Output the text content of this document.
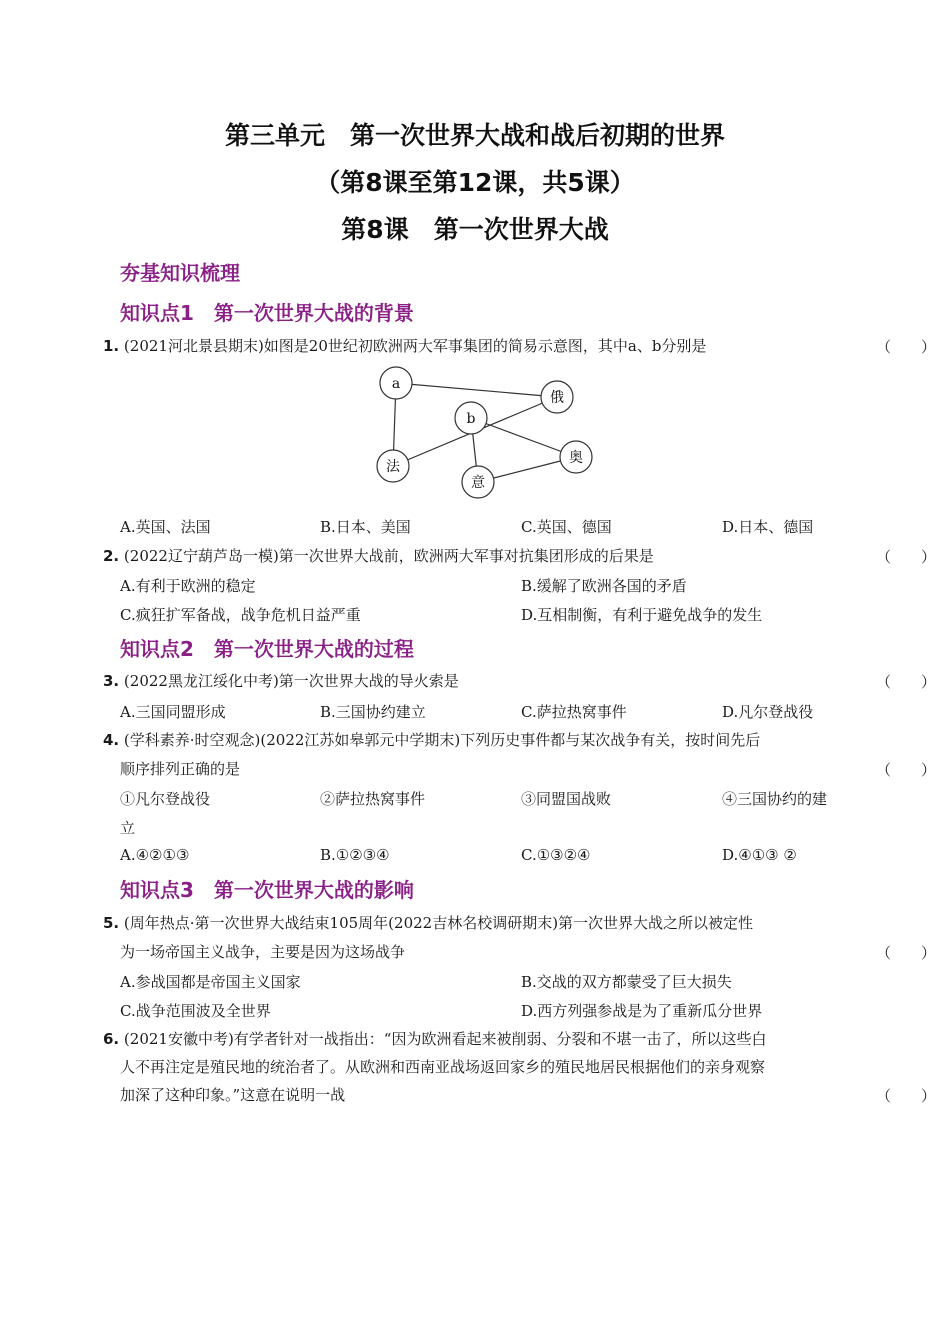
第三单元　第一次世界大战和战后初期的世界
（第8课至第12课，共5课）
第8课　第一次世界大战
夯基知识梳理
知识点1　第一次世界大战的背景
1. (2021河北景县期末)如图是20世纪初欧洲两大军事集团的简易示意图，其中a、b分别是	（　　）
a
俄
b
奥
法
意
A.英国、法国	B.日本、美国	C.英国、德国	D.日本、德国
2. (2022辽宁葫芦岛一模)第一次世界大战前，欧洲两大军事对抗集团形成的后果是	（　　）
A.有利于欧洲的稳定	B.缓解了欧洲各国的矛盾
C.疯狂扩军备战，战争危机日益严重	D.互相制衡，有利于避免战争的发生
知识点2　第一次世界大战的过程
3. (2022黑龙江绥化中考)第一次世界大战的导火索是	（　　）
A.三国同盟形成	B.三国协约建立	C.萨拉热窝事件	D.凡尔登战役
4. (学科素养·时空观念)(2022江苏如皋郭元中学期末)下列历史事件都与某次战争有关，按时间先后
顺序排列正确的是	（　　）
①凡尔登战役	②萨拉热窝事件	③同盟国战败	④三国协约的建
立
A.④②①③	B.①②③④	C.①③②④	D.④①③ ②
知识点3　第一次世界大战的影响
5. (周年热点·第一次世界大战结束105周年(2022吉林名校调研期末)第一次世界大战之所以被定性
为一场帝国主义战争，主要是因为这场战争	（　　）
A.参战国都是帝国主义国家	B.交战的双方都蒙受了巨大损失
C.战争范围波及全世界	D.西方列强参战是为了重新瓜分世界
6. (2021安徽中考)有学者针对一战指出：“因为欧洲看起来被削弱、分裂和不堪一击了，所以这些白
人不再注定是殖民地的统治者了。从欧洲和西南亚战场返回家乡的殖民地居民根据他们的亲身观察
加深了这种印象。”这意在说明一战	（　　）
